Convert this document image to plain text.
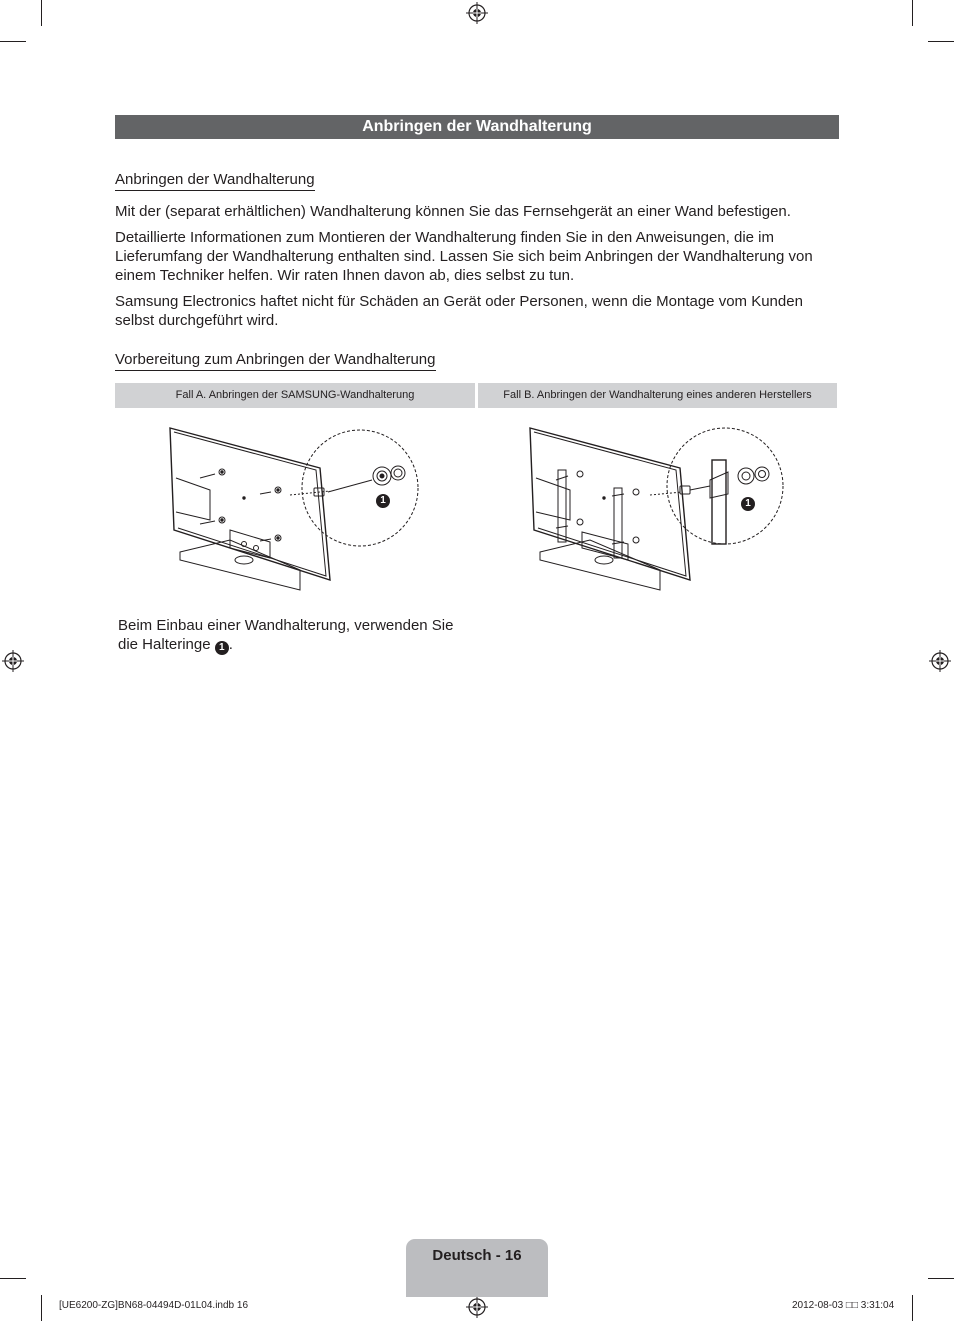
Anbringen der Wandhalterung
Anbringen der Wandhalterung
Mit der (separat erhältlichen) Wandhalterung können Sie das Fernsehgerät an einer Wand befestigen.
Detaillierte Informationen zum Montieren der Wandhalterung finden Sie in den Anweisungen, die im Lieferumfang der Wandhalterung enthalten sind. Lassen Sie sich beim Anbringen der Wandhalterung von einem Techniker helfen. Wir raten Ihnen davon ab, dies selbst zu tun.
Samsung Electronics haftet nicht für Schäden an Gerät oder Personen, wenn die Montage vom Kunden selbst durchgeführt wird.
Vorbereitung zum Anbringen der Wandhalterung
Fall A. Anbringen der SAMSUNG-Wandhalterung	Fall B. Anbringen der Wandhalterung eines anderen Herstellers
1	1
Beim Einbau einer Wandhalterung, verwenden Sie die Halteringe 1 .
Deutsch - 16
[UE6200-ZG]BN68-04494D-01L04.indb 16	2012-08-03 □□ 3:31:04
